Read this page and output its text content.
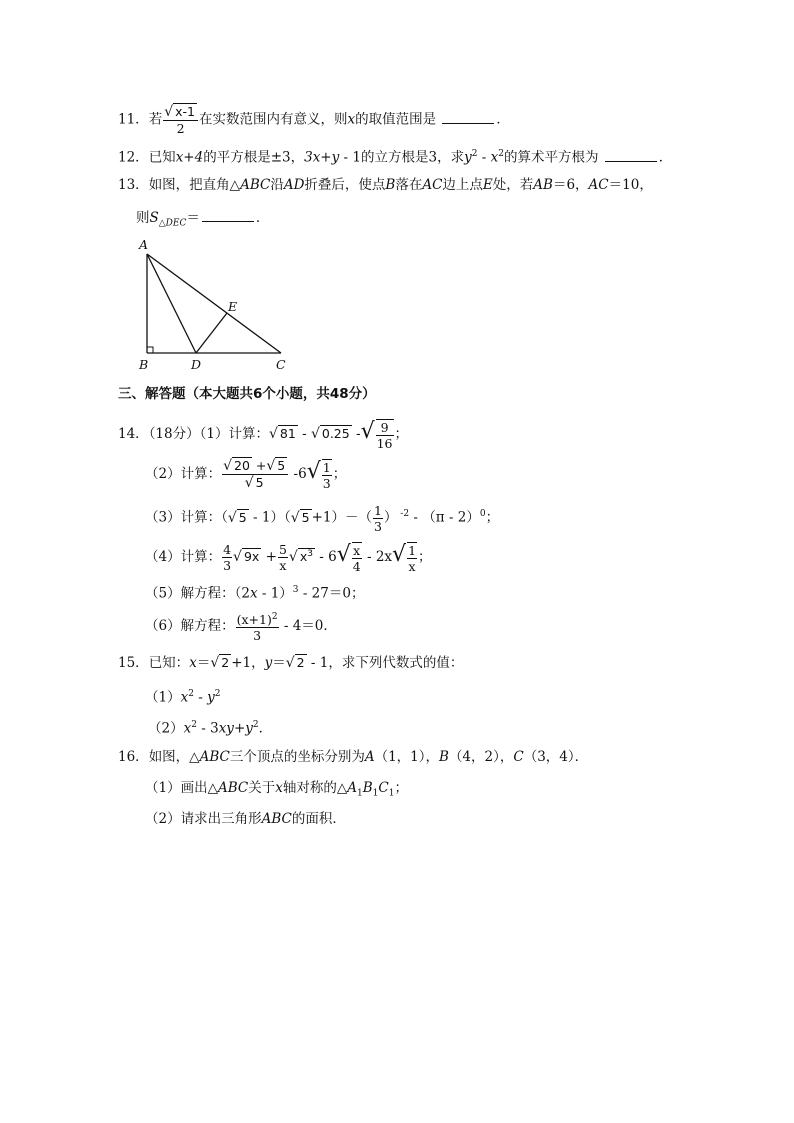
11．若 $\frac{√ x-1}{2}$ 在实数范围内有意义，则x的取值范围是	．
12．已知x+4的平方根是±3，3x+y - 1的立方根是3，求$y^2 - x^2$的算术平方根为	．
13．如图，把直角△ABC沿AD折叠后，使点B落在AC边上点E处，若AB＝6，AC＝10，
则$S_{\triangle DEC}=$	．
A
B	D	C
E
三、解答题（本大题共6个小题，共48分）
14．（18分）（1）计算：√ 81 - √ 0.25 -√ $\frac{9}{16}$ ；
（2）计算： $\frac{√ 20 +√ 5}{√ 5} -6√ \frac{1}{3}$ ；
（3）计算：（√ 5 - 1）（√ $5 +1)-( \frac{1}{3}$ ） $^{-2}$ - （π - 2）$^0$；
（4）计算： $\frac{4}{3}$ √ $9x + \frac{5}{x}$ √ $x^3 - 6√ \frac{x}{4} - 2x√ \frac{1}{x}$ ；
（5）解方程：（2x - 1）$^3$ - 27＝0；
（6）解方程： $\frac{(x+1)^2}{3} - 4=0$．
15．已知：x＝√ 2 +1，y＝√ 2 - 1，求下列代数式的值：
$(1)x^2 - y^2$
$(2)x^2 - 3xy+y^2$．
16．如图，△ABC三个顶点的坐标分别为A（1，1），B（4，2），C（3，4）．
（1）画出△ABC关于x轴对称的$\triangle A_1B_1C_1$；
（2）请求出三角形ABC的面积．
